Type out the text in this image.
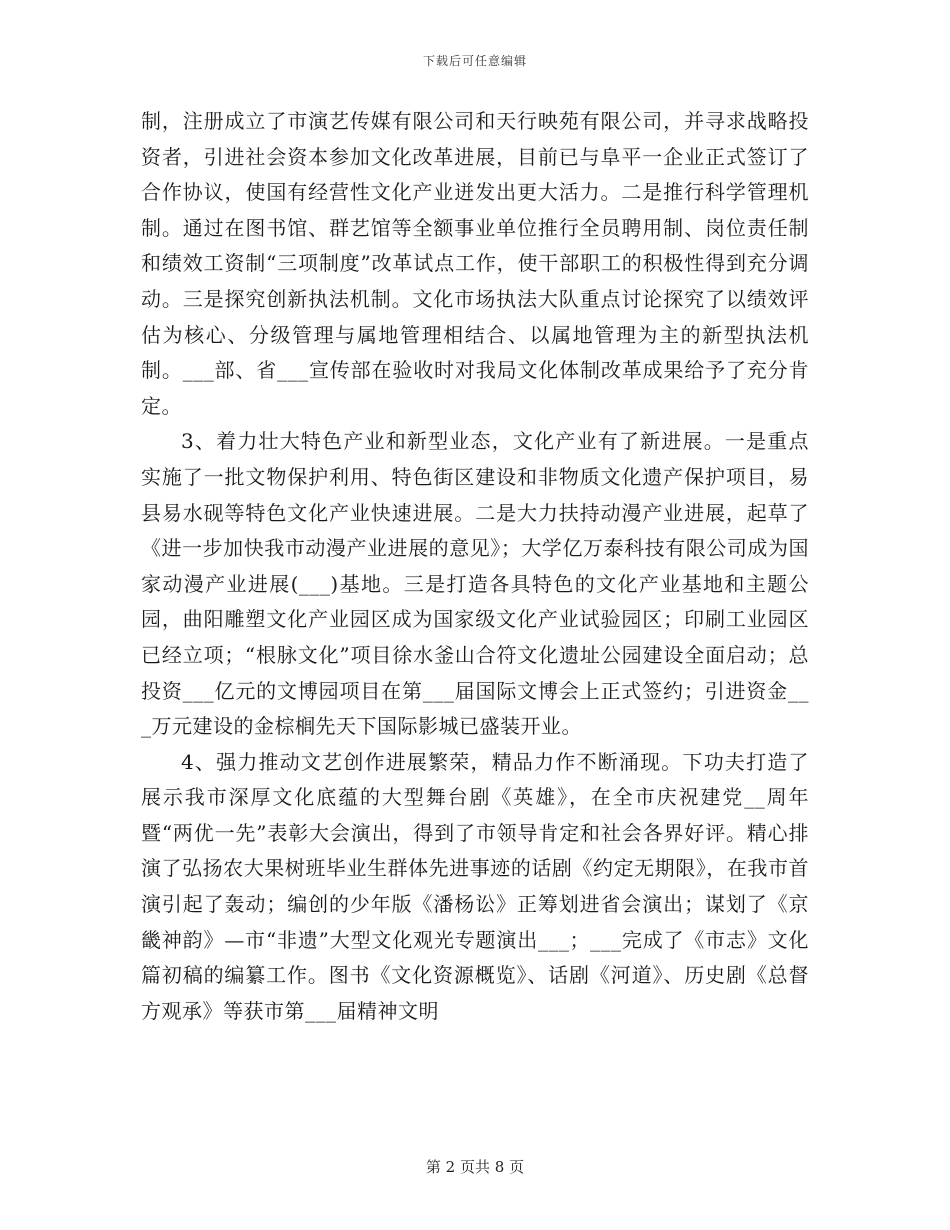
下载后可任意编辑

制，注册成立了市演艺传媒有限公司和天行映苑有限公司，并寻求战略投资者，引进社会资本参加文化改革进展，目前已与阜平一企业正式签订了合作协议，使国有经营性文化产业迸发出更大活力。二是推行科学管理机制。通过在图书馆、群艺馆等全额事业单位推行全员聘用制、岗位责任制和绩效工资制“三项制度”改革试点工作，使干部职工的积极性得到充分调动。三是探究创新执法机制。文化市场执法大队重点讨论探究了以绩效评估为核心、分级管理与属地管理相结合、以属地管理为主的新型执法机制。___部、省___宣传部在验收时对我局文化体制改革成果给予了充分肯定。

3、着力壮大特色产业和新型业态，文化产业有了新进展。一是重点实施了一批文物保护利用、特色街区建设和非物质文化遗产保护项目，易县易水砚等特色文化产业快速进展。二是大力扶持动漫产业进展，起草了《进一步加快我市动漫产业进展的意见》；大学亿万泰科技有限公司成为国家动漫产业进展(___)基地。三是打造各具特色的文化产业基地和主题公园，曲阳雕塑文化产业园区成为国家级文化产业试验园区；印刷工业园区已经立项；“根脉文化”项目徐水釜山合符文化遗址公园建设全面启动；总投资___亿元的文博园项目在第___届国际文博会上正式签约；引进资金___万元建设的金棕榈先天下国际影城已盛装开业。

4、强力推动文艺创作进展繁荣，精品力作不断涌现。下功夫打造了展示我市深厚文化底蕴的大型舞台剧《英雄》，在全市庆祝建党__周年暨“两优一先”表彰大会演出，得到了市领导肯定和社会各界好评。精心排演了弘扬农大果树班毕业生群体先进事迹的话剧《约定无期限》，在我市首演引起了轰动；编创的少年版《潘杨讼》正筹划进省会演出；谋划了《京畿神韵》—市“非遗”大型文化观光专题演出___；___完成了《市志》文化篇初稿的编纂工作。图书《文化资源概览》、话剧《河道》、历史剧《总督方观承》等获市第___届精神文明

第 2 页共 8 页
